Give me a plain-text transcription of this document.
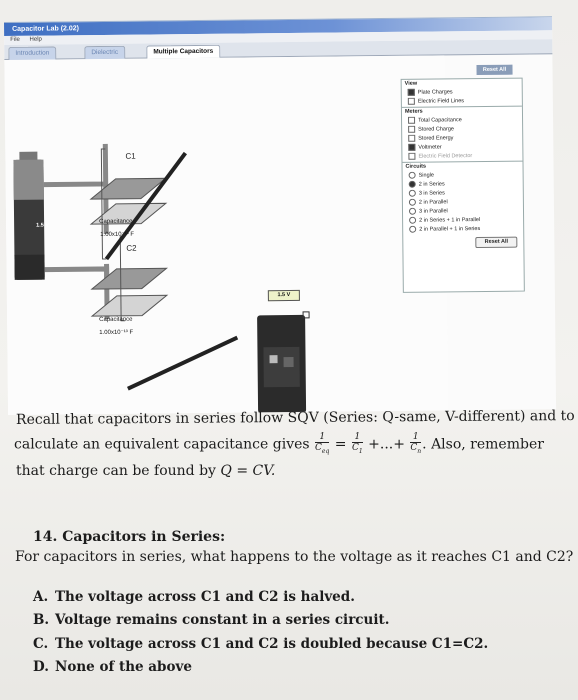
Capacitor Lab (2.02)
File Help
Introduction	Dielectric	Multiple Capacitors
C1
C2
Capacitance
1.00x10⁻¹³ F
Capacitance
1.00x10⁻¹³ F
1.5 V
1.5 V
Reset All
View
Plate Charges
Electric Field Lines
Meters
Total Capacitance
Stored Charge
Stored Energy
Voltmeter
Electric Field Detector
Circuits
Single
2 in Series
3 in Series
2 in Parallel
3 in Parallel
2 in Series + 1 in Parallel
2 in Parallel + 1 in Series
Reset All
Recall that capacitors in series follow SQV (Series: Q-same, V-different) and to
calculate an equivalent capacitance gives $\frac{1}{C_{eq}} = \frac{1}{C_1}$ +...+ $\frac{1}{C_n}$ . Also, remember
that charge can be found by Q = CV.
14. Capacitors in Series:
For capacitors in series, what happens to the voltage as it reaches C1 and C2?
A. The voltage across C1 and C2 is halved.
B. Voltage remains constant in a series circuit.
C. The voltage across C1 and C2 is doubled because C1=C2.
D. None of the above
